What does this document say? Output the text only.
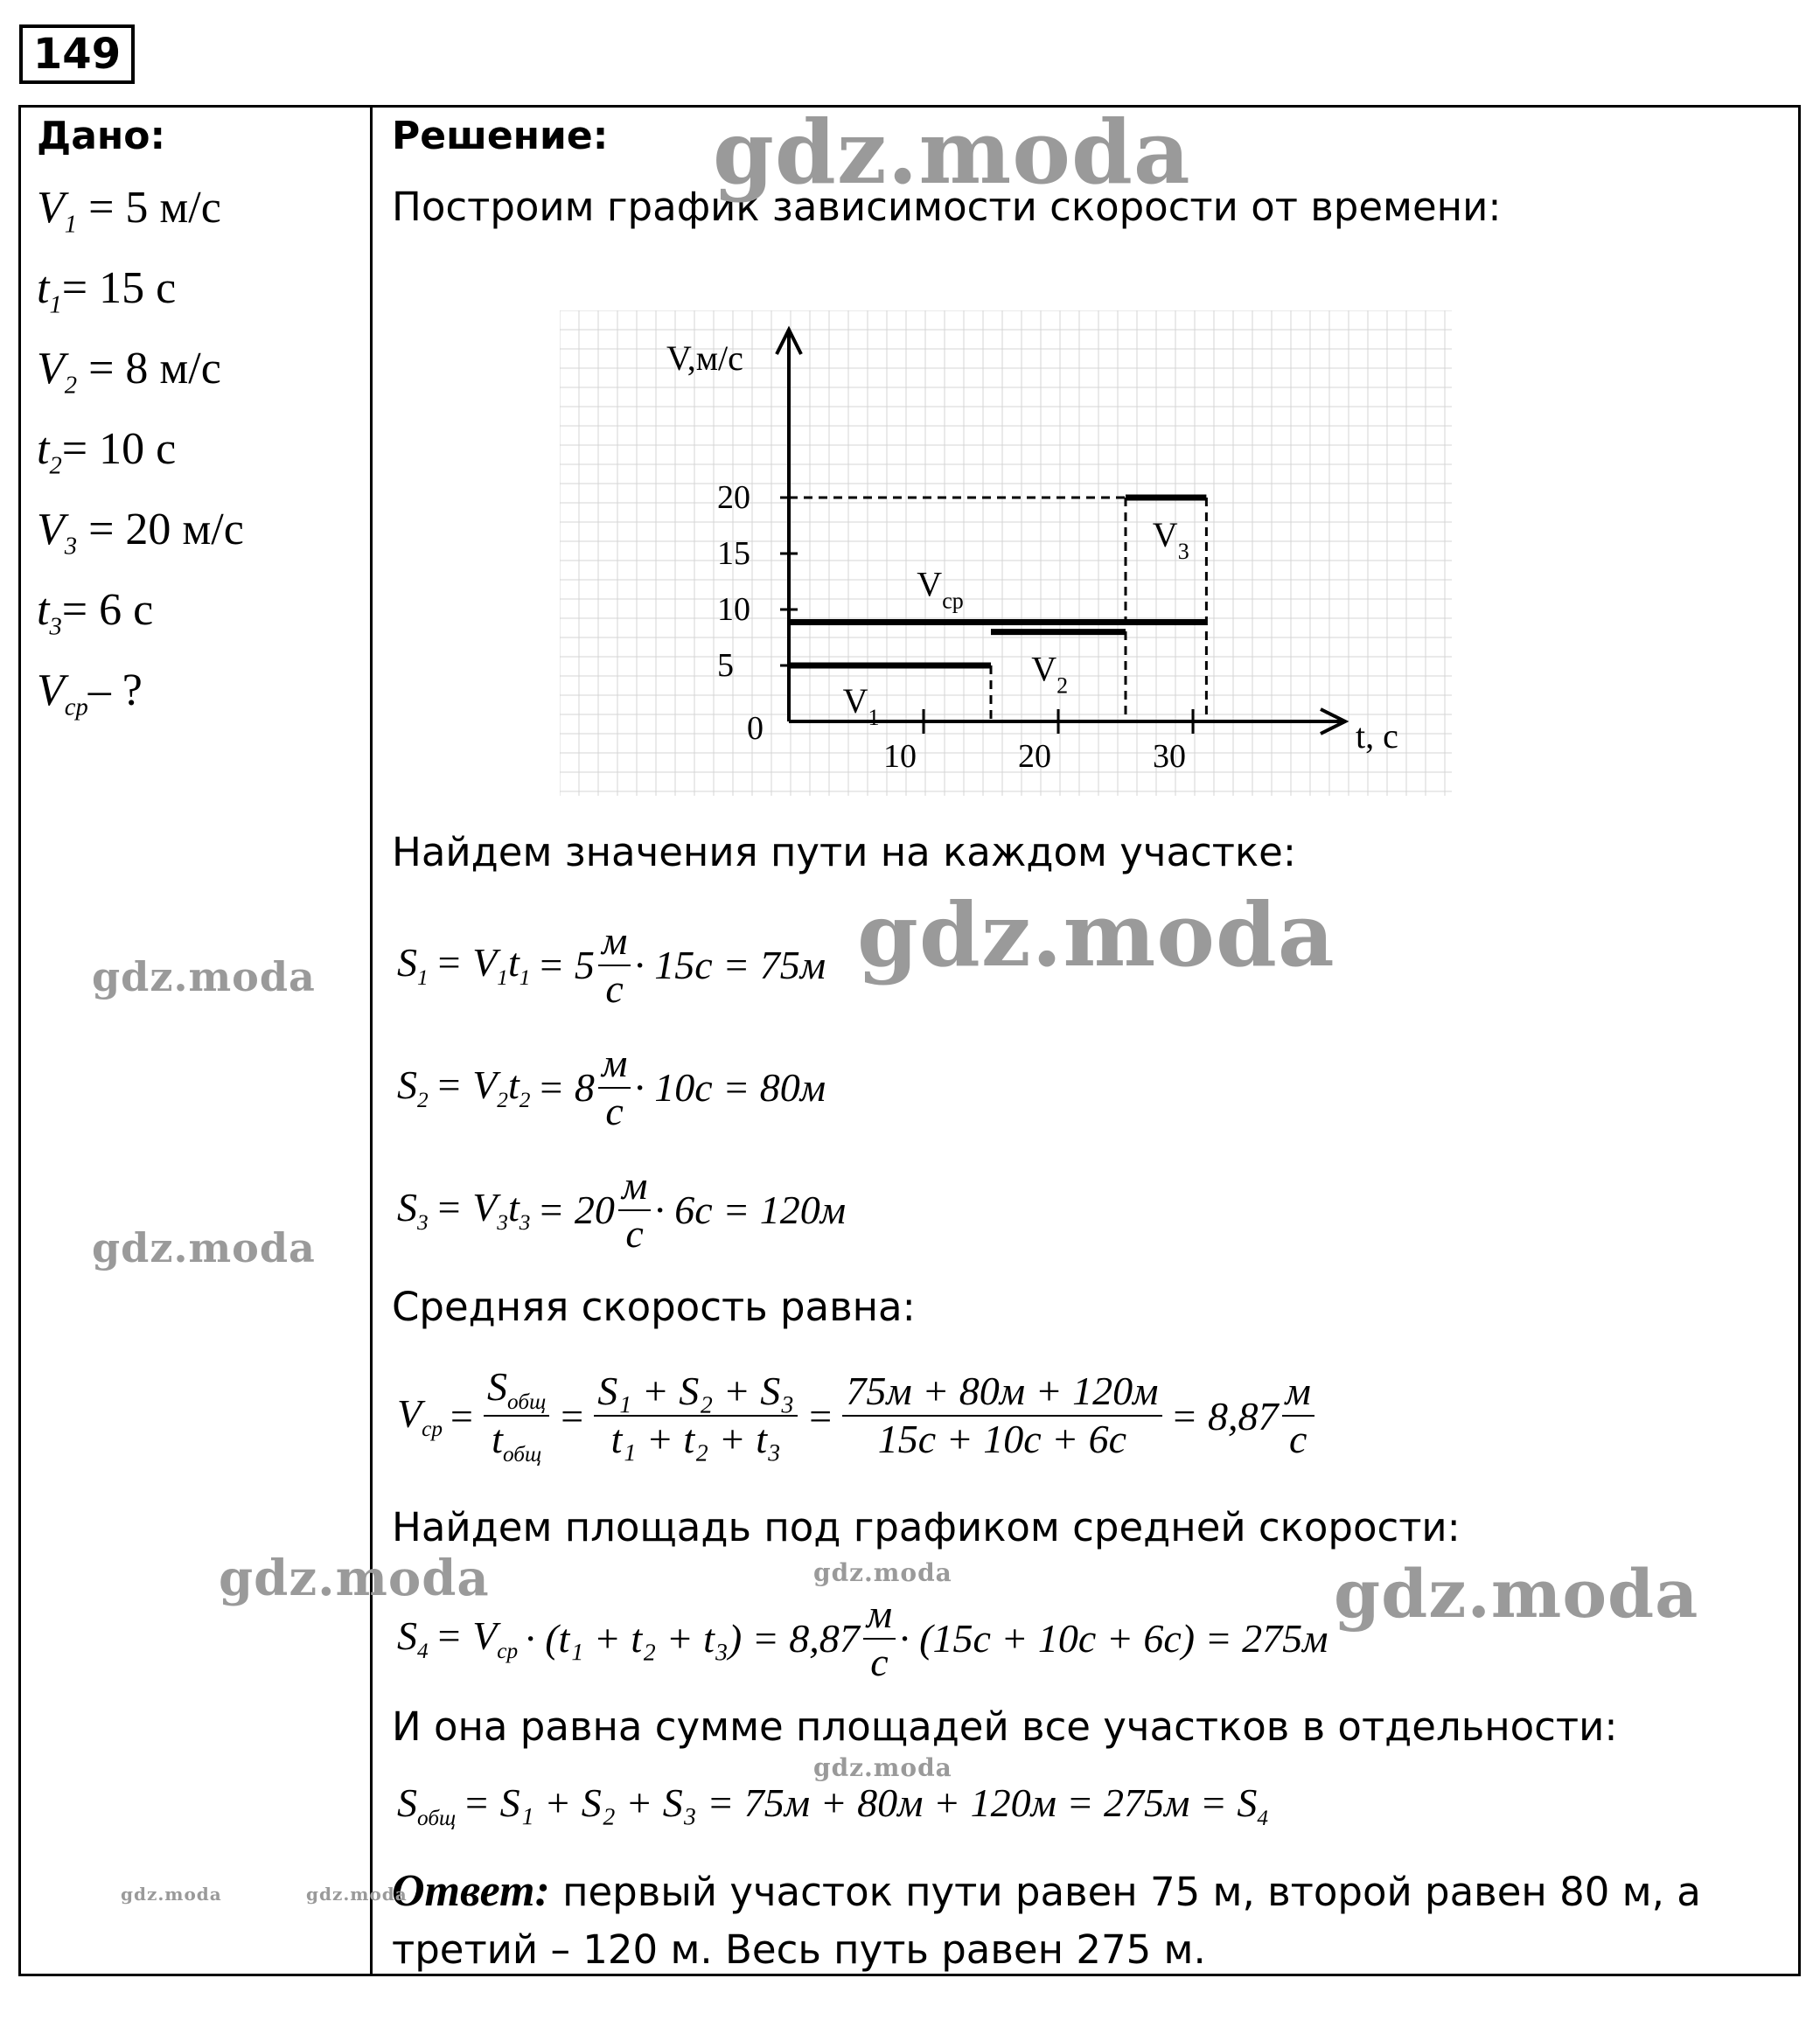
149
Дано:
$V_1 = 5$ м/с
$t_1= 15$ с
$V_2 = 8$ м/с
$t_2= 10$ с
$V_3 = 20$ м/с
$t_3= 6$ с
$V_{ср}-$ ?
Решение:
Построим график зависимости скорости от времени:
V,м/с
t, с
0
5
10
15
20
10	20	30
$V_1$
$V_2$
$V_3$
$V_{ср}$
Найдем значения пути на каждом участке:
$S_1 = V_1t_1 = 5 \frac{м}{с} \cdot 15с = 75м$
$S_2 = V_2t_2 = 8 \frac{м}{с} \cdot 10с = 80м$
$S_3 = V_3t_3 = 20 \frac{м}{с} \cdot 6с = 120м$
Средняя скорость равна:
$V_{ср} = \frac{S_{общ}}{t_{общ}} = \frac{\text{S₁ + S₂ + S₃}}{\text{t₁ + t₂ + t₃}} = \frac{75м + 80м + 120м}{15с + 10с + 6с} = 8,87 \frac{м}{с}$
Найдем площадь под графиком средней скорости:
$S_4 = V_{ср} \cdot (t_1 + t_2 + t_3) = 8,87 \frac{м}{с} \cdot (15с + 10с + 6с) = 275м$
И она равна сумме площадей все участков в отдельности:
$S_{общ} = S_1 + S_2 + S_3 = 75м + 80м + 120м = 275м = S_4$
Ответ: первый участок пути равен 75 м, второй равен 80 м, а третий – 120 м. Весь путь равен 275 м.
gdz.moda
gdz.moda
gdz.moda
gdz.moda
gdz.moda	gdz.moda	gdz.moda
gdz.moda
gdz.moda	gdz.moda
